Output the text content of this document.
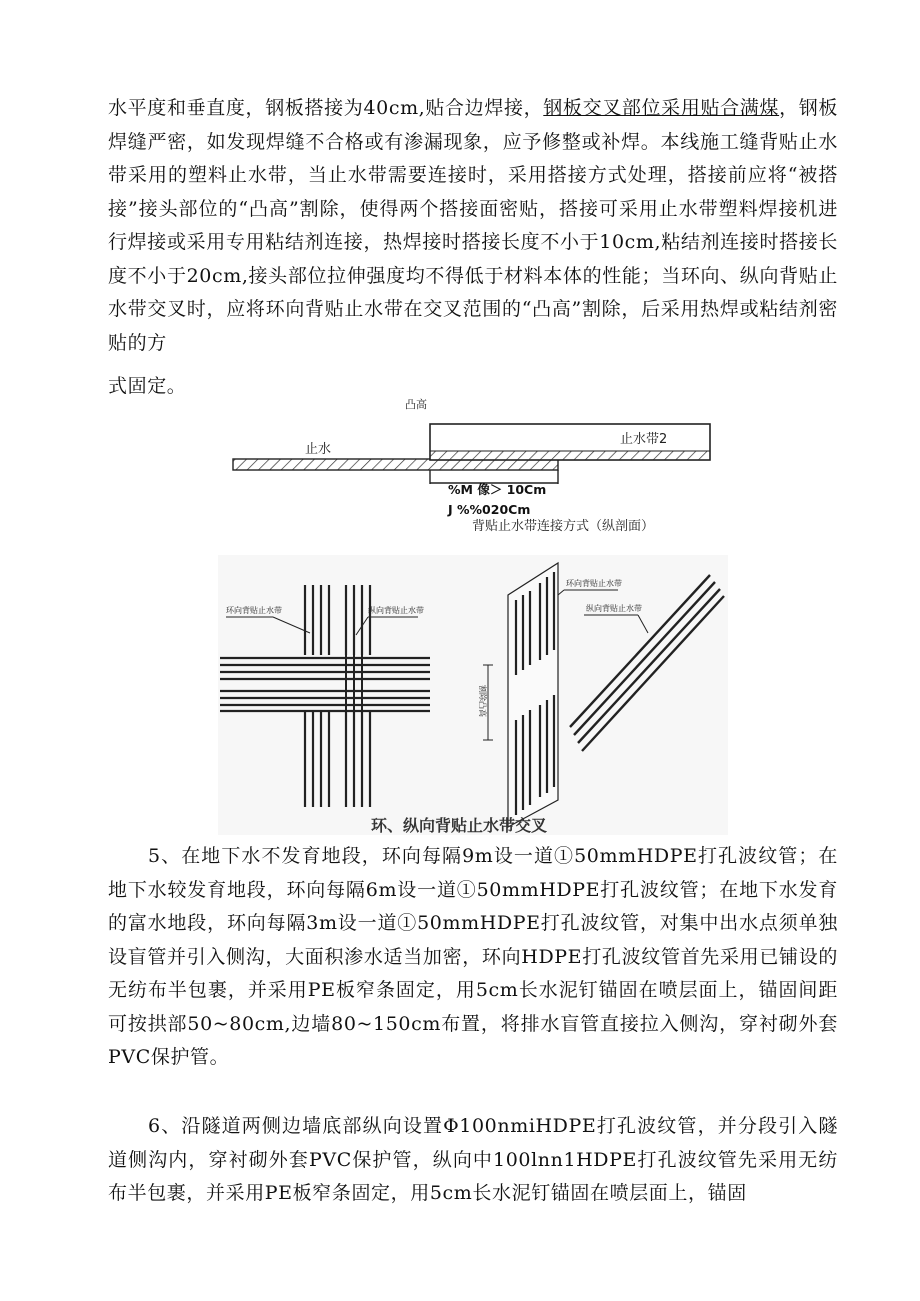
水平度和垂直度，钢板搭接为40cm,贴合边焊接，钢板交叉部位采用贴合满煤，钢板焊缝严密，如发现焊缝不合格或有渗漏现象，应予修整或补焊。本线施工缝背贴止水带采用的塑料止水带，当止水带需要连接时，采用搭接方式处理，搭接前应将“被搭接”接头部位的“凸高”割除，使得两个搭接面密贴，搭接可采用止水带塑料焊接机进行焊接或采用专用粘结剂连接，热焊接时搭接长度不小于10cm,粘结剂连接时搭接长度不小于20cm,接头部位拉伸强度均不得低于材料本体的性能；当环向、纵向背贴止水带交叉时，应将环向背贴止水带在交叉范围的“凸高”割除，后采用热焊或粘结剂密贴的方
式固定。
凸高
止水
止水带2
%M 像＞ 10Cm
J %%020Cm
背贴止水带连接方式（纵剖面）
环向背贴止水带	纵向背贴止水带
割除凸高
环向背贴止水带
纵向背贴止水带
环、纵向背贴止水带交叉
5、在地下水不发育地段，环向每隔9m设一道①50mmHDPE打孔波纹管；在地下水较发育地段，环向每隔6m设一道①50mmHDPE打孔波纹管；在地下水发育的富水地段，环向每隔3m设一道①50mmHDPE打孔波纹管，对集中出水点须单独设盲管并引入侧沟，大面积渗水适当加密，环向HDPE打孔波纹管首先采用已铺设的无纺布半包裹，并采用PE板窄条固定，用5cm长水泥钉锚固在喷层面上，锚固间距可按拱部50~80cm,边墙80~150cm布置，将排水盲管直接拉入侧沟，穿衬砌外套PVC保护管。
6、沿隧道两侧边墙底部纵向设置Φ100nmiHDPE打孔波纹管，并分段引入隧道侧沟内，穿衬砌外套PVC保护管，纵向中100lnn1HDPE打孔波纹管先采用无纺布半包裹，并采用PE板窄条固定，用5cm长水泥钉锚固在喷层面上，锚固
